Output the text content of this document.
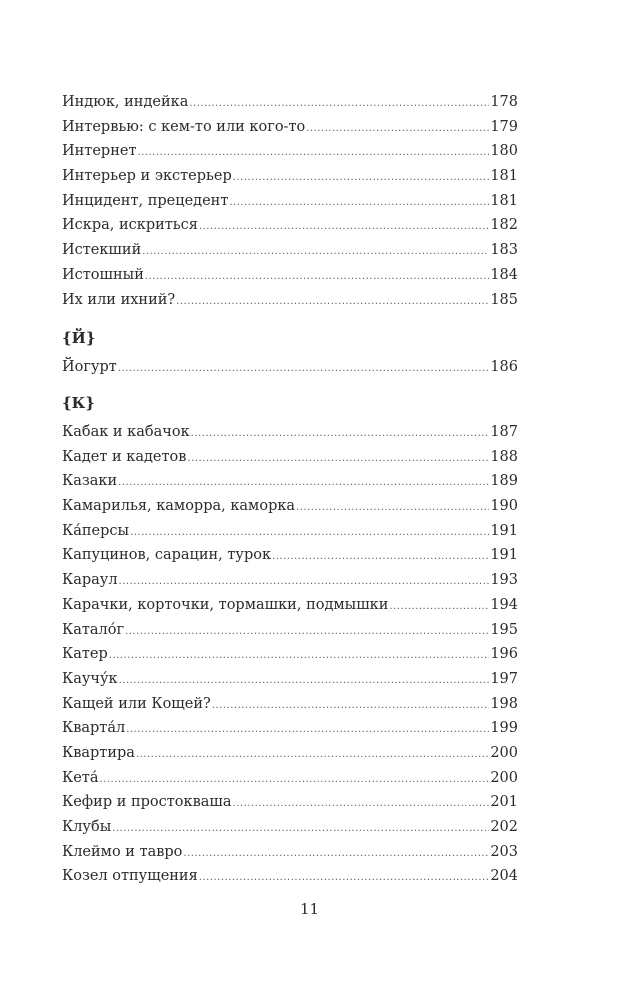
Индюк, индейка .....	178
Интервью: с кем-то или кого-то .....	179
Интернет .....	180
Интерьер и экстерьер .....	181
Инцидент, прецедент .....	181
Искра, искриться .....	182
Истекший .....	183
Истошный .....	184
Их или ихний? .....	185
{Й}
Йогурт .....	186
{К}
Кабак и кабачок .....	187
Кадет и кадетов .....	188
Казаки .....	189
Камарилья, каморра, каморка .....	190
Ка́персы .....	191
Капуцинов, сарацин, турок .....	191
Караул .....	193
Карачки, корточки, тормашки, подмышки .....	194
Катало́г .....	195
Катер .....	196
Каучу́к .....	197
Кащей или Кощей? .....	198
Кварта́л .....	199
Квартира .....	200
Кета́ .....	200
Кефир и простокваша .....	201
Клубы .....	202
Клеймо и тавро .....	203
Козел отпущения .....	204
11
